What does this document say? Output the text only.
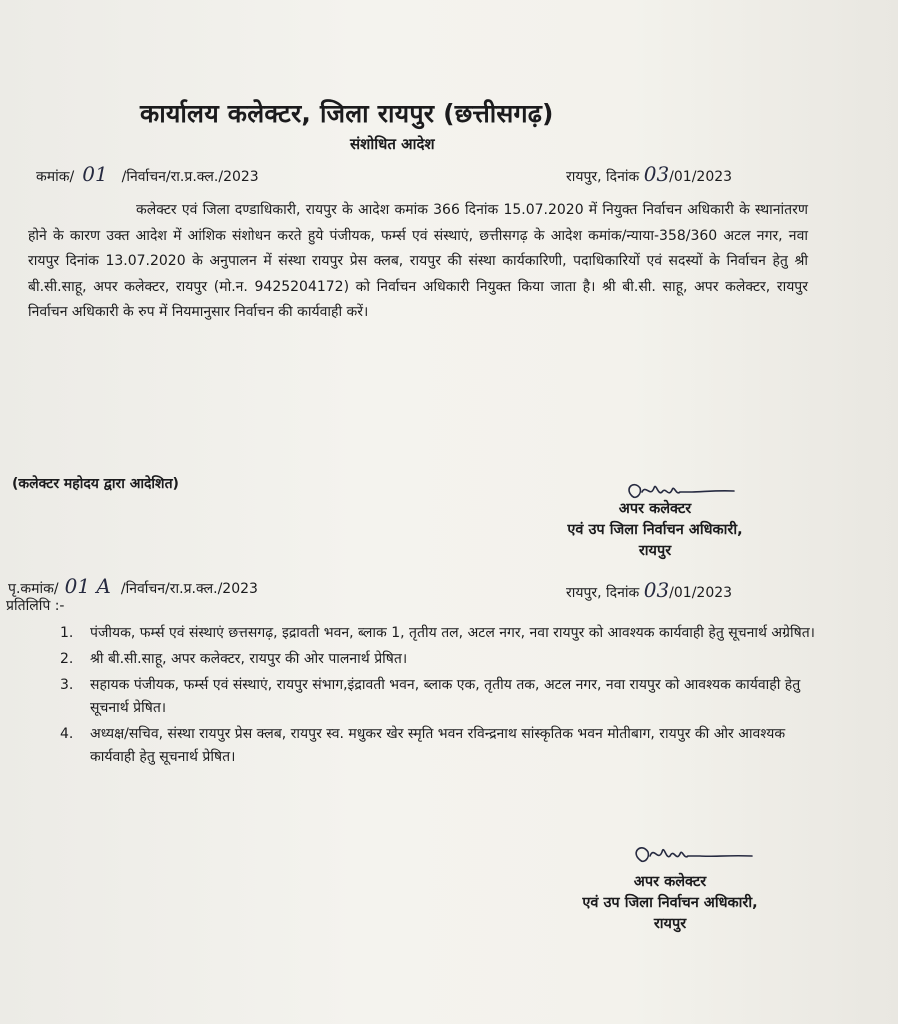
कार्यालय कलेक्टर, जिला रायपुर (छत्तीसगढ़)
संशोधित आदेश
कमांक/ 01 /निर्वाचन/रा.प्र.क्ल./2023	रायपुर, दिनांक 03/01/2023
कलेक्टर एवं जिला दण्डाधिकारी, रायपुर के आदेश कमांक 366 दिनांक 15.07.2020 में नियुक्त निर्वाचन अधिकारी के स्थानांतरण होने के कारण उक्त आदेश में आंशिक संशोधन करते हुये पंजीयक, फर्म्स एवं संस्थाएं, छत्तीसगढ़ के आदेश कमांक/न्याया-358/360 अटल नगर, नवा रायपुर दिनांक 13.07.2020 के अनुपालन में संस्था रायपुर प्रेस क्लब, रायपुर की संस्था कार्यकारिणी, पदाधिकारियों एवं सदस्यों के निर्वाचन हेतु श्री बी.सी.साहू, अपर कलेक्टर, रायपुर (मो.न. 9425204172) को निर्वाचन अधिकारी नियुक्त किया जाता है। श्री बी.सी. साहू, अपर कलेक्टर, रायपुर निर्वाचन अधिकारी के रुप में नियमानुसार निर्वाचन की कार्यवाही करें।
(कलेक्टर महोदय द्वारा आदेशित)
अपर कलेक्टर
एवं उप जिला निर्वाचन अधिकारी,
रायपुर
पृ.कमांक/ 01 A /निर्वाचन/रा.प्र.क्ल./2023	रायपुर, दिनांक 03/01/2023
प्रतिलिपि :-
1. पंजीयक, फर्म्स एवं संस्थाएं छत्तसगढ़, इद्रावती भवन, ब्लाक 1, तृतीय तल, अटल नगर, नवा रायपुर को आवश्यक कार्यवाही हेतु सूचनार्थ अग्रेषित।
2. श्री बी.सी.साहू, अपर कलेक्टर, रायपुर की ओर पालनार्थ प्रेषित।
3. सहायक पंजीयक, फर्म्स एवं संस्थाएं, रायपुर संभाग,इंद्रावती भवन, ब्लाक एक, तृतीय तक, अटल नगर, नवा रायपुर को आवश्यक कार्यवाही हेतु सूचनार्थ प्रेषित।
4. अध्यक्ष/सचिव, संस्था रायपुर प्रेस क्लब, रायपुर स्व. मधुकर खेर स्मृति भवन रविन्द्रनाथ सांस्कृतिक भवन मोतीबाग, रायपुर की ओर आवश्यक कार्यवाही हेतु सूचनार्थ प्रेषित।
अपर कलेक्टर
एवं उप जिला निर्वाचन अधिकारी,
रायपुर
